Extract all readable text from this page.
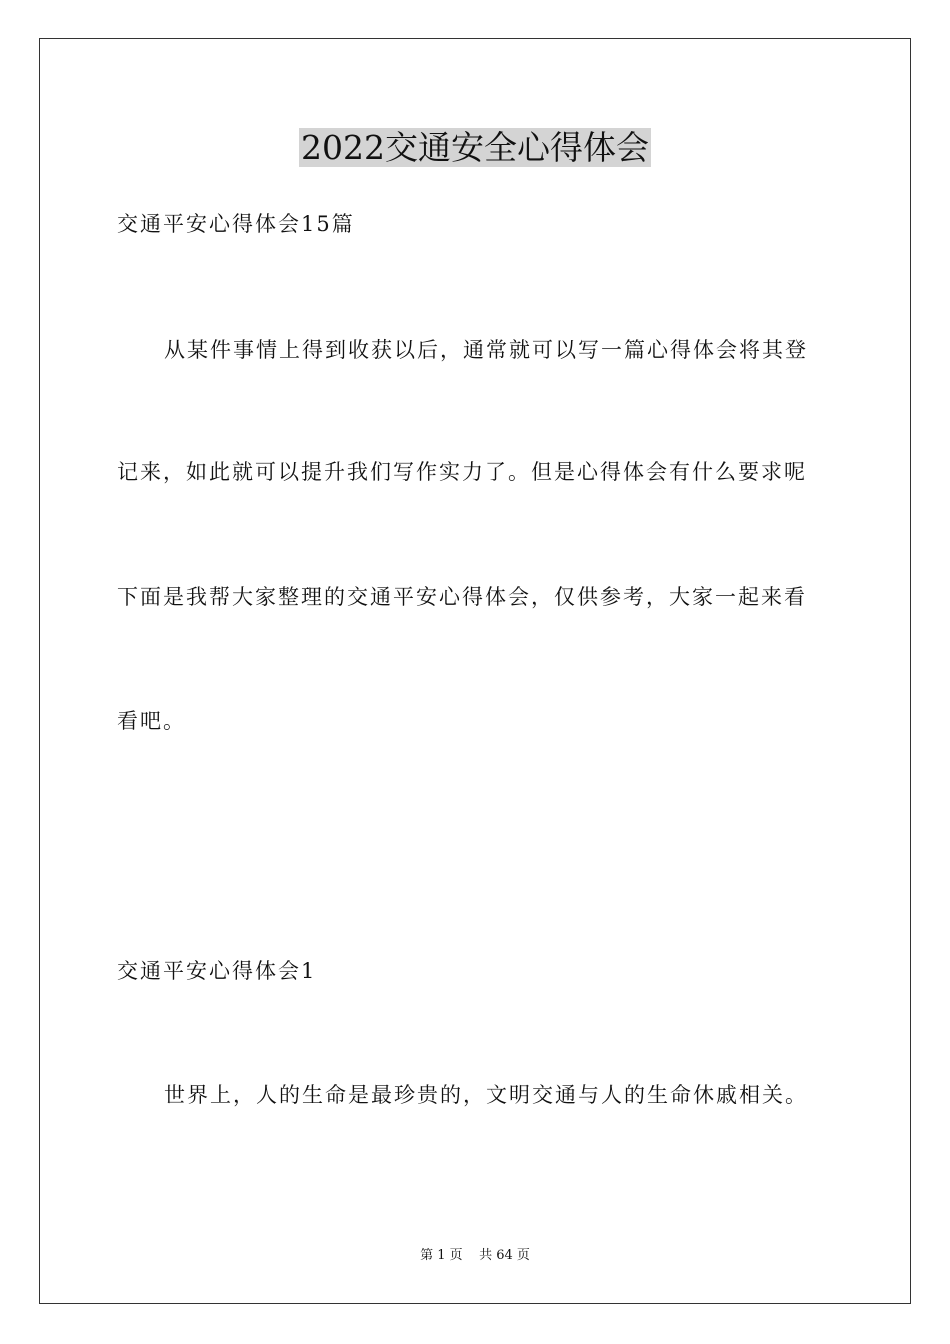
2022交通安全心得体会

交通平安心得体会15篇

从某件事情上得到收获以后，通常就可以写一篇心得体会将其登

记来，如此就可以提升我们写作实力了。但是心得体会有什么要求呢

下面是我帮大家整理的交通平安心得体会，仅供参考，大家一起来看

看吧。

交通平安心得体会1

世界上，人的生命是最珍贵的，文明交通与人的生命休戚相关。

第 1 页    共 64 页
